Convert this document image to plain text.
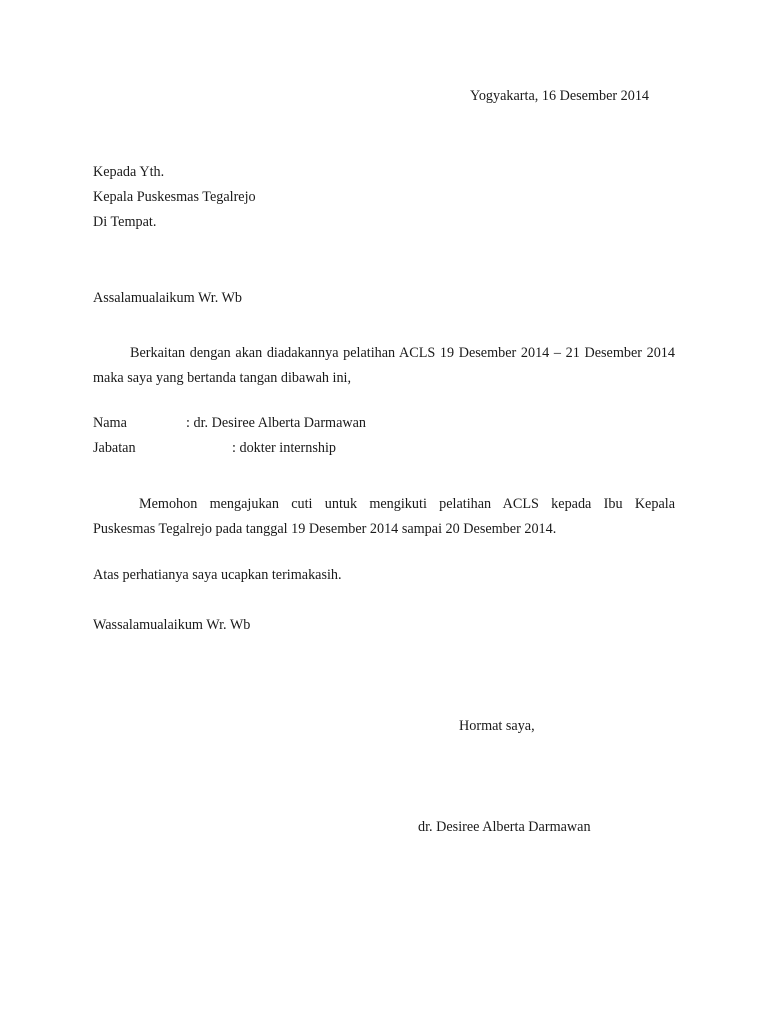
Yogyakarta, 16 Desember 2014
Kepada Yth.
Kepala Puskesmas Tegalrejo
Di Tempat.
Assalamualaikum Wr. Wb
Berkaitan dengan akan diadakannya pelatihan ACLS 19 Desember 2014 – 21 Desember 2014 maka saya yang bertanda tangan dibawah ini,
Nama	: dr. Desiree Alberta Darmawan
Jabatan	: dokter internship
Memohon mengajukan cuti untuk mengikuti pelatihan ACLS kepada Ibu Kepala
Puskesmas Tegalrejo pada tanggal 19 Desember 2014 sampai 20 Desember 2014.
Atas perhatianya saya ucapkan terimakasih.
Wassalamualaikum Wr. Wb
Hormat saya,
dr. Desiree Alberta Darmawan
